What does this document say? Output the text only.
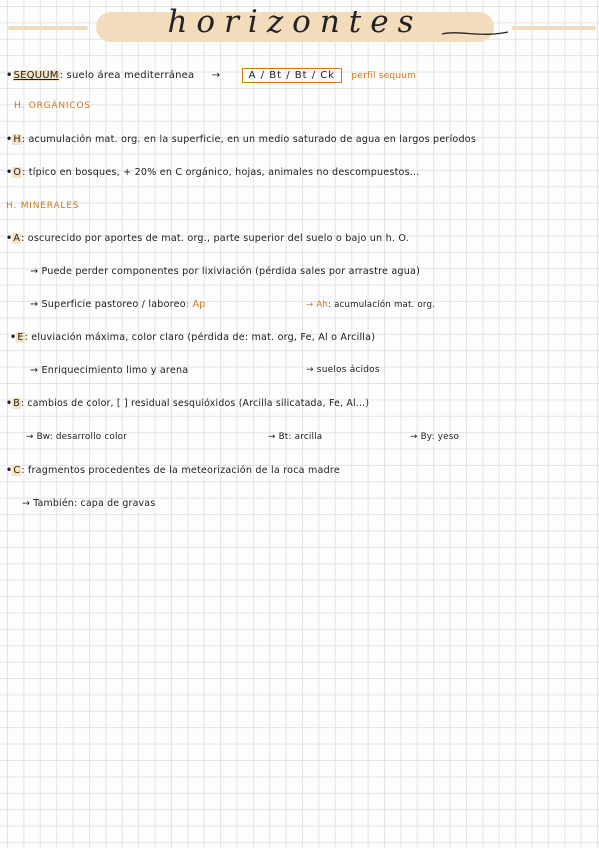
horizontes
•SEQUUM: suelo área mediterránea →	A / Bt / Bt / Ck perfil sequum
H. ORGÁNICOS
•H: acumulación mat. org. en la superficie, en un medio saturado de agua en largos períodos
•O: típico en bosques, + 20% en C orgánico, hojas, animales no descompuestos...
H. MINERALES
•A: oscurecido por aportes de mat. org., parte superior del suelo o bajo un h. O.
→ Puede perder componentes por lixiviación (pérdida sales por arrastre agua)
→ Superficie pastoreo / laboreo: Ap	→ Ah: acumulación mat. org.
•E: eluviación máxima, color claro (pérdida de: mat. org, Fe, Al o Arcilla)
→ Enriquecimiento limo y arena	→ suelos ácidos
•B: cambios de color, [ ] residual sesquióxidos (Arcilla silicatada, Fe, Al...)
→ Bw: desarrollo color	→ Bt: arcilla	→ By: yeso
•C: fragmentos procedentes de la meteorización de la roca madre
→ También: capa de gravas
